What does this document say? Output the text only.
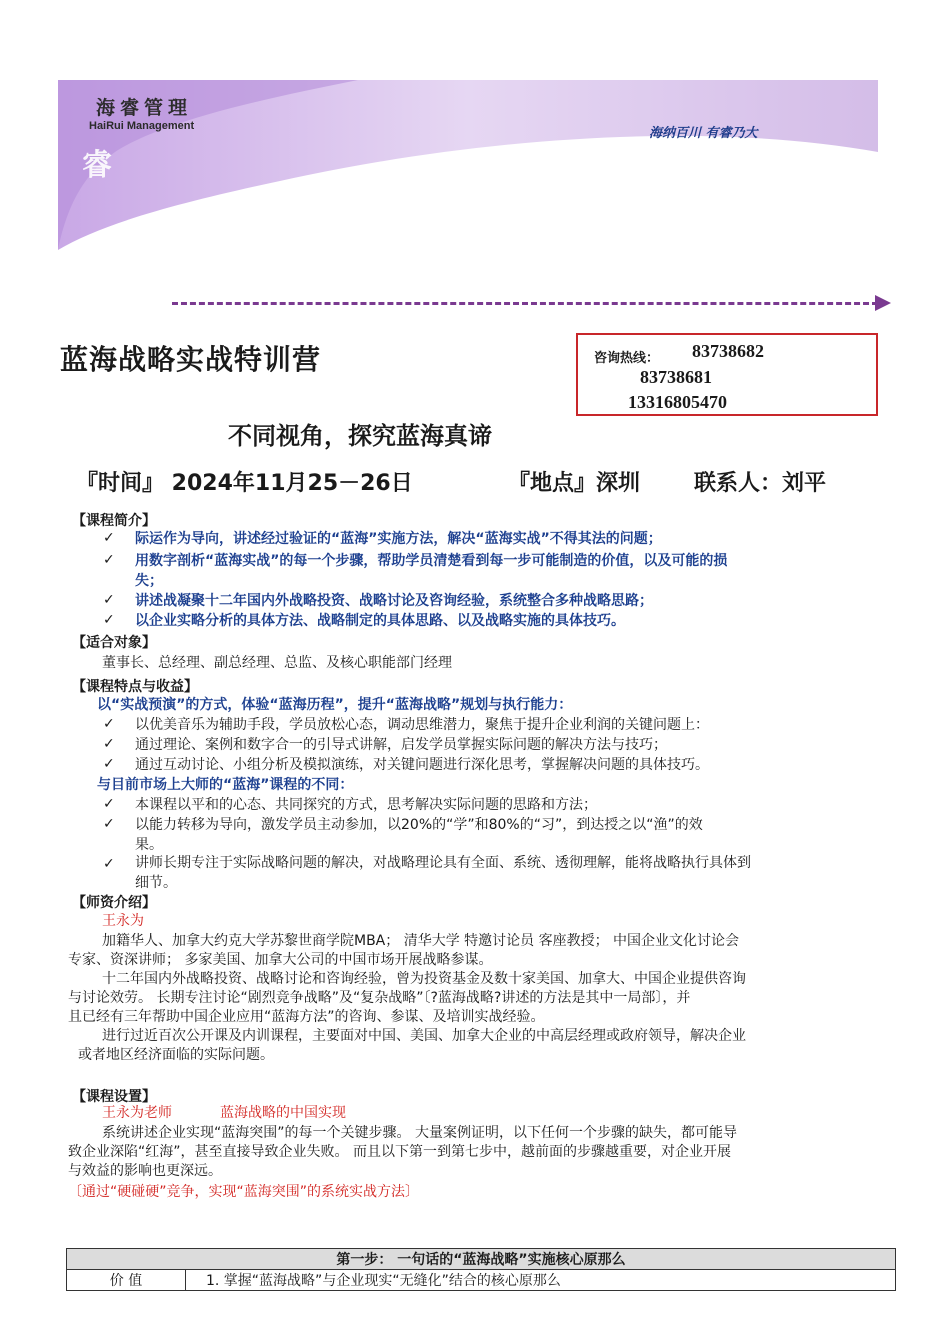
海睿管理
HaiRui Management
睿
海纳百川 有睿乃大
蓝海战略实战特训营	咨询热线： 83738682
83738681
13316805470
不同视角，探究蓝海真谛
『时间』 2024年11月25－26日	『地点』深圳 联系人：刘平
【课程简介】
✓ 际运作为导向，讲述经过验证的“蓝海”实施方法，解决“蓝海实战”不得其法的问题；
✓ 用数字剖析“蓝海实战”的每一个步骤，帮助学员清楚看到每一步可能制造的价值，以及可能的损
失；
✓ 讲述战凝聚十二年国内外战略投资、战略讨论及咨询经验，系统整合多种战略思路；
✓ 以企业实略分析的具体方法、战略制定的具体思路、以及战略实施的具体技巧。
【适合对象】
董事长、总经理、副总经理、总监、及核心职能部门经理
【课程特点与收益】
以“实战预演”的方式，体验“蓝海历程”，提升“蓝海战略”规划与执行能力：
✓ 以优美音乐为辅助手段，学员放松心态，调动思维潜力，聚焦于提升企业利润的关键问题上：
✓ 通过理论、案例和数字合一的引导式讲解，启发学员掌握实际问题的解决方法与技巧；
✓ 通过互动讨论、小组分析及模拟演练，对关键问题进行深化思考，掌握解决问题的具体技巧。
与目前市场上大师的“蓝海”课程的不同：
✓ 本课程以平和的心态、共同探究的方式，思考解决实际问题的思路和方法；
✓ 以能力转移为导向，激发学员主动参加，以20%的“学”和80%的“习”，到达授之以“渔”的效
果。
✓ 讲师长期专注于实际战略问题的解决，对战略理论具有全面、系统、透彻理解，能将战略执行具体到
细节。
【师资介绍】
王永为
加籍华人、加拿大约克大学苏黎世商学院MBA； 清华大学 特邀讨论员 客座教授； 中国企业文化讨论会
专家、资深讲师； 多家美国、加拿大公司的中国市场开展战略参谋。
十二年国内外战略投资、战略讨论和咨询经验，曾为投资基金及数十家美国、加拿大、中国企业提供咨询
与讨论效劳。 长期专注讨论“剧烈竞争战略”及“复杂战略”〔?蓝海战略?讲述的方法是其中一局部〕，并
且已经有三年帮助中国企业应用“蓝海方法”的咨询、参谋、及培训实战经验。
进行过近百次公开课及内训课程，主要面对中国、美国、加拿大企业的中高层经理或政府领导，解决企业
或者地区经济面临的实际问题。
【课程设置】
王永为老师	蓝海战略的中国实现
系统讲述企业实现“蓝海突围”的每一个关键步骤。 大量案例证明，以下任何一个步骤的缺失，都可能导
致企业深陷“红海”，甚至直接导致企业失败。 而且以下第一到第七步中，越前面的步骤越重要，对企业开展
与效益的影响也更深远。
〔通过“硬碰硬”竞争，实现“蓝海突围”的系统实战方法〕
第一步： 一句话的“蓝海战略”实施核心原那么
价 值	1. 掌握“蓝海战略”与企业现实“无缝化”结合的核心原那么
